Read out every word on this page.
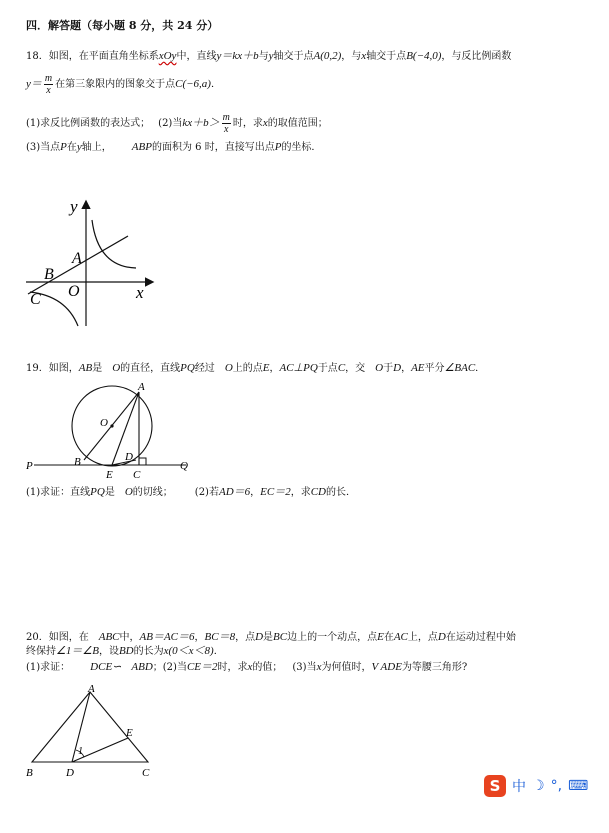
四．解答题（每小题 8 分，共 24 分）
18．如图，在平面直角坐标系xOy中，直线y＝kx＋b与y轴交于点A(0,2)，与x轴交于点B(−4,0)，与反比例函数
$y= \frac{m}{x}$ 在第三象限内的图象交于点C(−6,a)．
(1)求反比例函数的表达式； (2)当$kx+b> \frac{m}{x}$ 时，求x的取值范围；
(3)当点P在y轴上， ABP的面积为 6 时，直接写出点P的坐标．
y
x
A
B
C O
19．如图，AB是 O的直径，直线PQ经过 O上的点E，AC⊥PQ于点C，交 O于D，AE平分∠BAC．
A
O
D
P	B
E C
Q
(1)求证：直线PQ是 O的切线； (2)若AD＝6，EC＝2，求CD的长．
20．如图，在 ABC中，AB＝AC＝6，BC＝8，点D是BC边上的一个动点，点E在AC上，点D在运动过程中始
终保持∠1＝∠B，设BD的长为x(0＜x＜8)．
(1)求证： DCE∽ ABD；(2)当CE＝2时，求x的值； (3)当x为何值时，V ADE为等腰三角形?
A
E
1
B	D	C
S 中 ☽ °, ⌨
